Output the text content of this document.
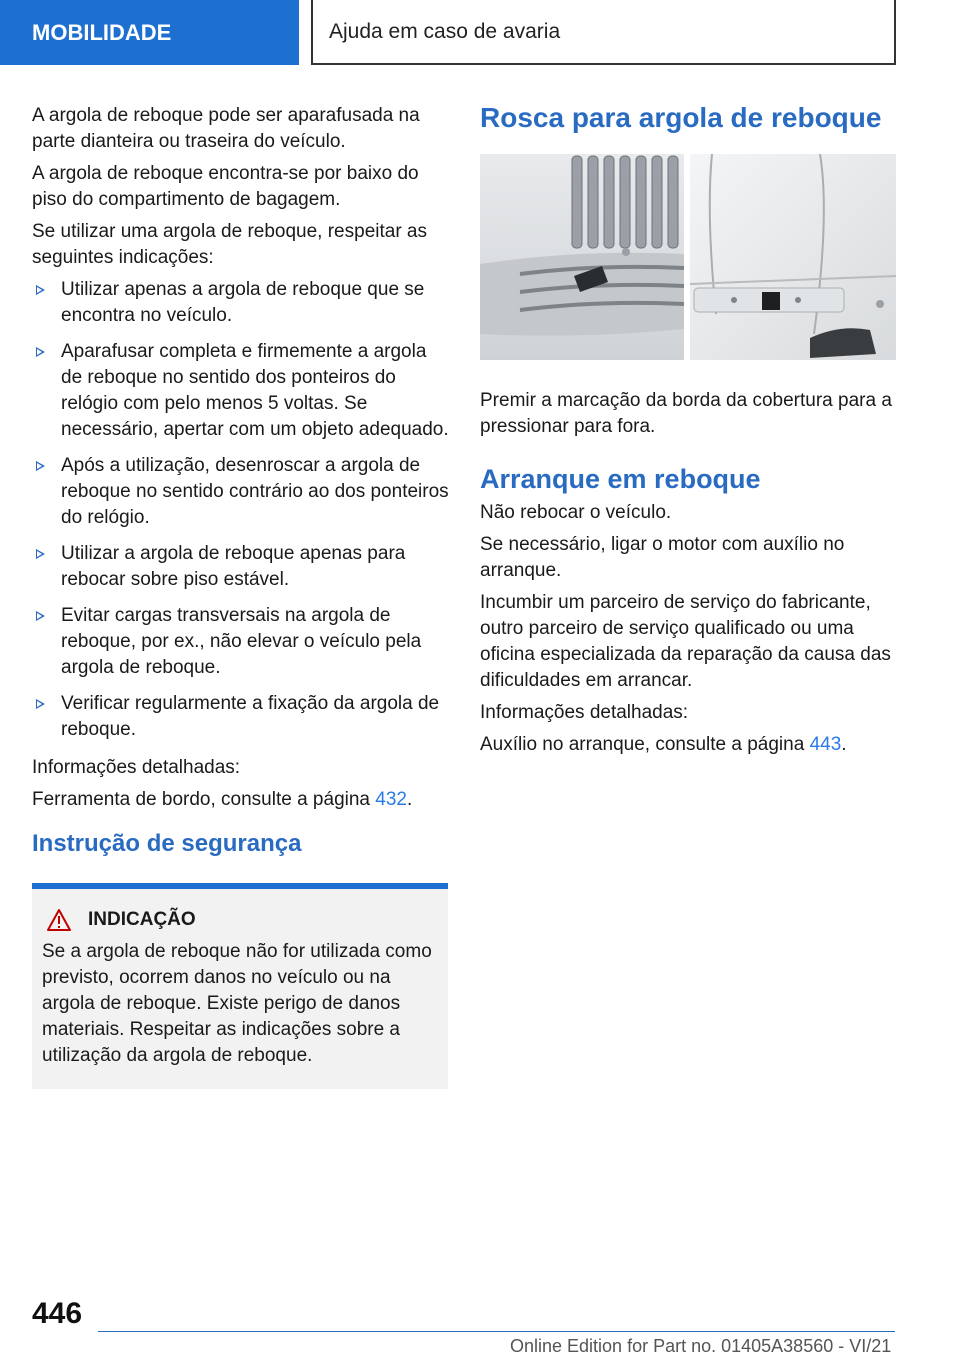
MOBILIDADE	Ajuda em caso de avaria

A argola de reboque pode ser aparafusada na parte dianteira ou traseira do veículo.

A argola de reboque encontra-se por baixo do piso do compartimento de bagagem.

Se utilizar uma argola de reboque, respeitar as seguintes indicações:

Utilizar apenas a argola de reboque que se encontra no veículo.
Aparafusar completa e firmemente a argola de reboque no sentido dos ponteiros do relógio com pelo menos 5 voltas. Se necessário, apertar com um objeto adequado.
Após a utilização, desenroscar a argola de reboque no sentido contrário ao dos ponteiros do relógio.
Utilizar a argola de reboque apenas para rebocar sobre piso estável.
Evitar cargas transversais na argola de reboque, por ex., não elevar o veículo pela argola de reboque.
Verificar regularmente a fixação da argola de reboque.

Informações detalhadas:

Ferramenta de bordo, consulte a página 432.

Instrução de segurança
INDICAÇÃO
Se a argola de reboque não for utilizada como previsto, ocorrem danos no veículo ou na argola de reboque. Existe perigo de danos materiais. Respeitar as indicações sobre a utilização da argola de reboque.
Rosca para argola de reboque

Premir a marcação da borda da cobertura para a pressionar para fora.

Arranque em reboque

Não rebocar o veículo.

Se necessário, ligar o motor com auxílio no arranque.

Incumbir um parceiro de serviço do fabricante, outro parceiro de serviço qualificado ou uma oficina especializada da reparação da causa das dificuldades em arrancar.

Informações detalhadas:

Auxílio no arranque, consulte a página 443.

446
Online Edition for Part no. 01405A38560 - VI/21
